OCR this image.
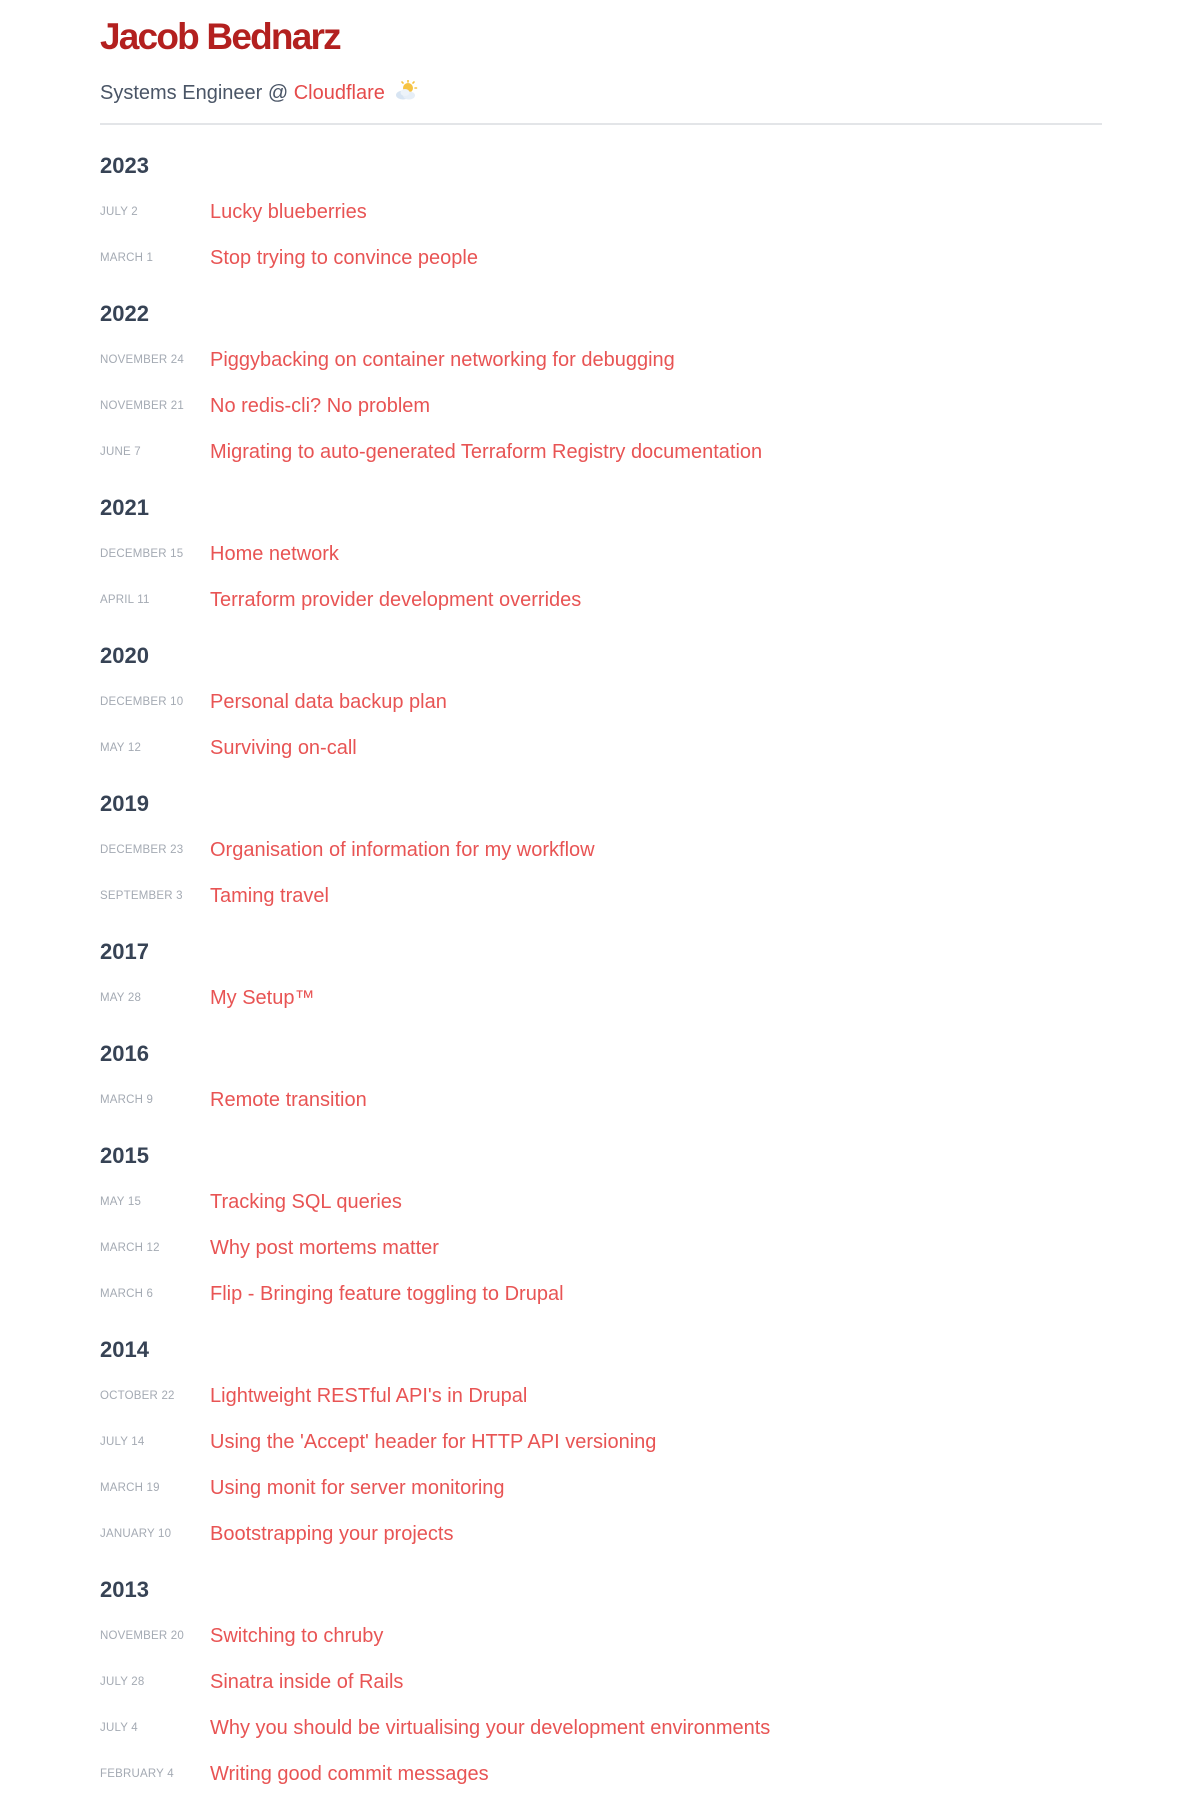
Jacob Bednarz
Systems Engineer @ Cloudflare
2023
JULY 2	Lucky blueberries
MARCH 1	Stop trying to convince people
2022
NOVEMBER 24	Piggybacking on container networking for debugging
NOVEMBER 21	No redis-cli? No problem
JUNE 7	Migrating to auto-generated Terraform Registry documentation
2021
DECEMBER 15	Home network
APRIL 11	Terraform provider development overrides
2020
DECEMBER 10	Personal data backup plan
MAY 12	Surviving on-call
2019
DECEMBER 23	Organisation of information for my workflow
SEPTEMBER 3	Taming travel
2017
MAY 28	My Setup™
2016
MARCH 9	Remote transition
2015
MAY 15	Tracking SQL queries
MARCH 12	Why post mortems matter
MARCH 6	Flip - Bringing feature toggling to Drupal
2014
OCTOBER 22	Lightweight RESTful API's in Drupal
JULY 14	Using the 'Accept' header for HTTP API versioning
MARCH 19	Using monit for server monitoring
JANUARY 10	Bootstrapping your projects
2013
NOVEMBER 20	Switching to chruby
JULY 28	Sinatra inside of Rails
JULY 4	Why you should be virtualising your development environments
FEBRUARY 4	Writing good commit messages
